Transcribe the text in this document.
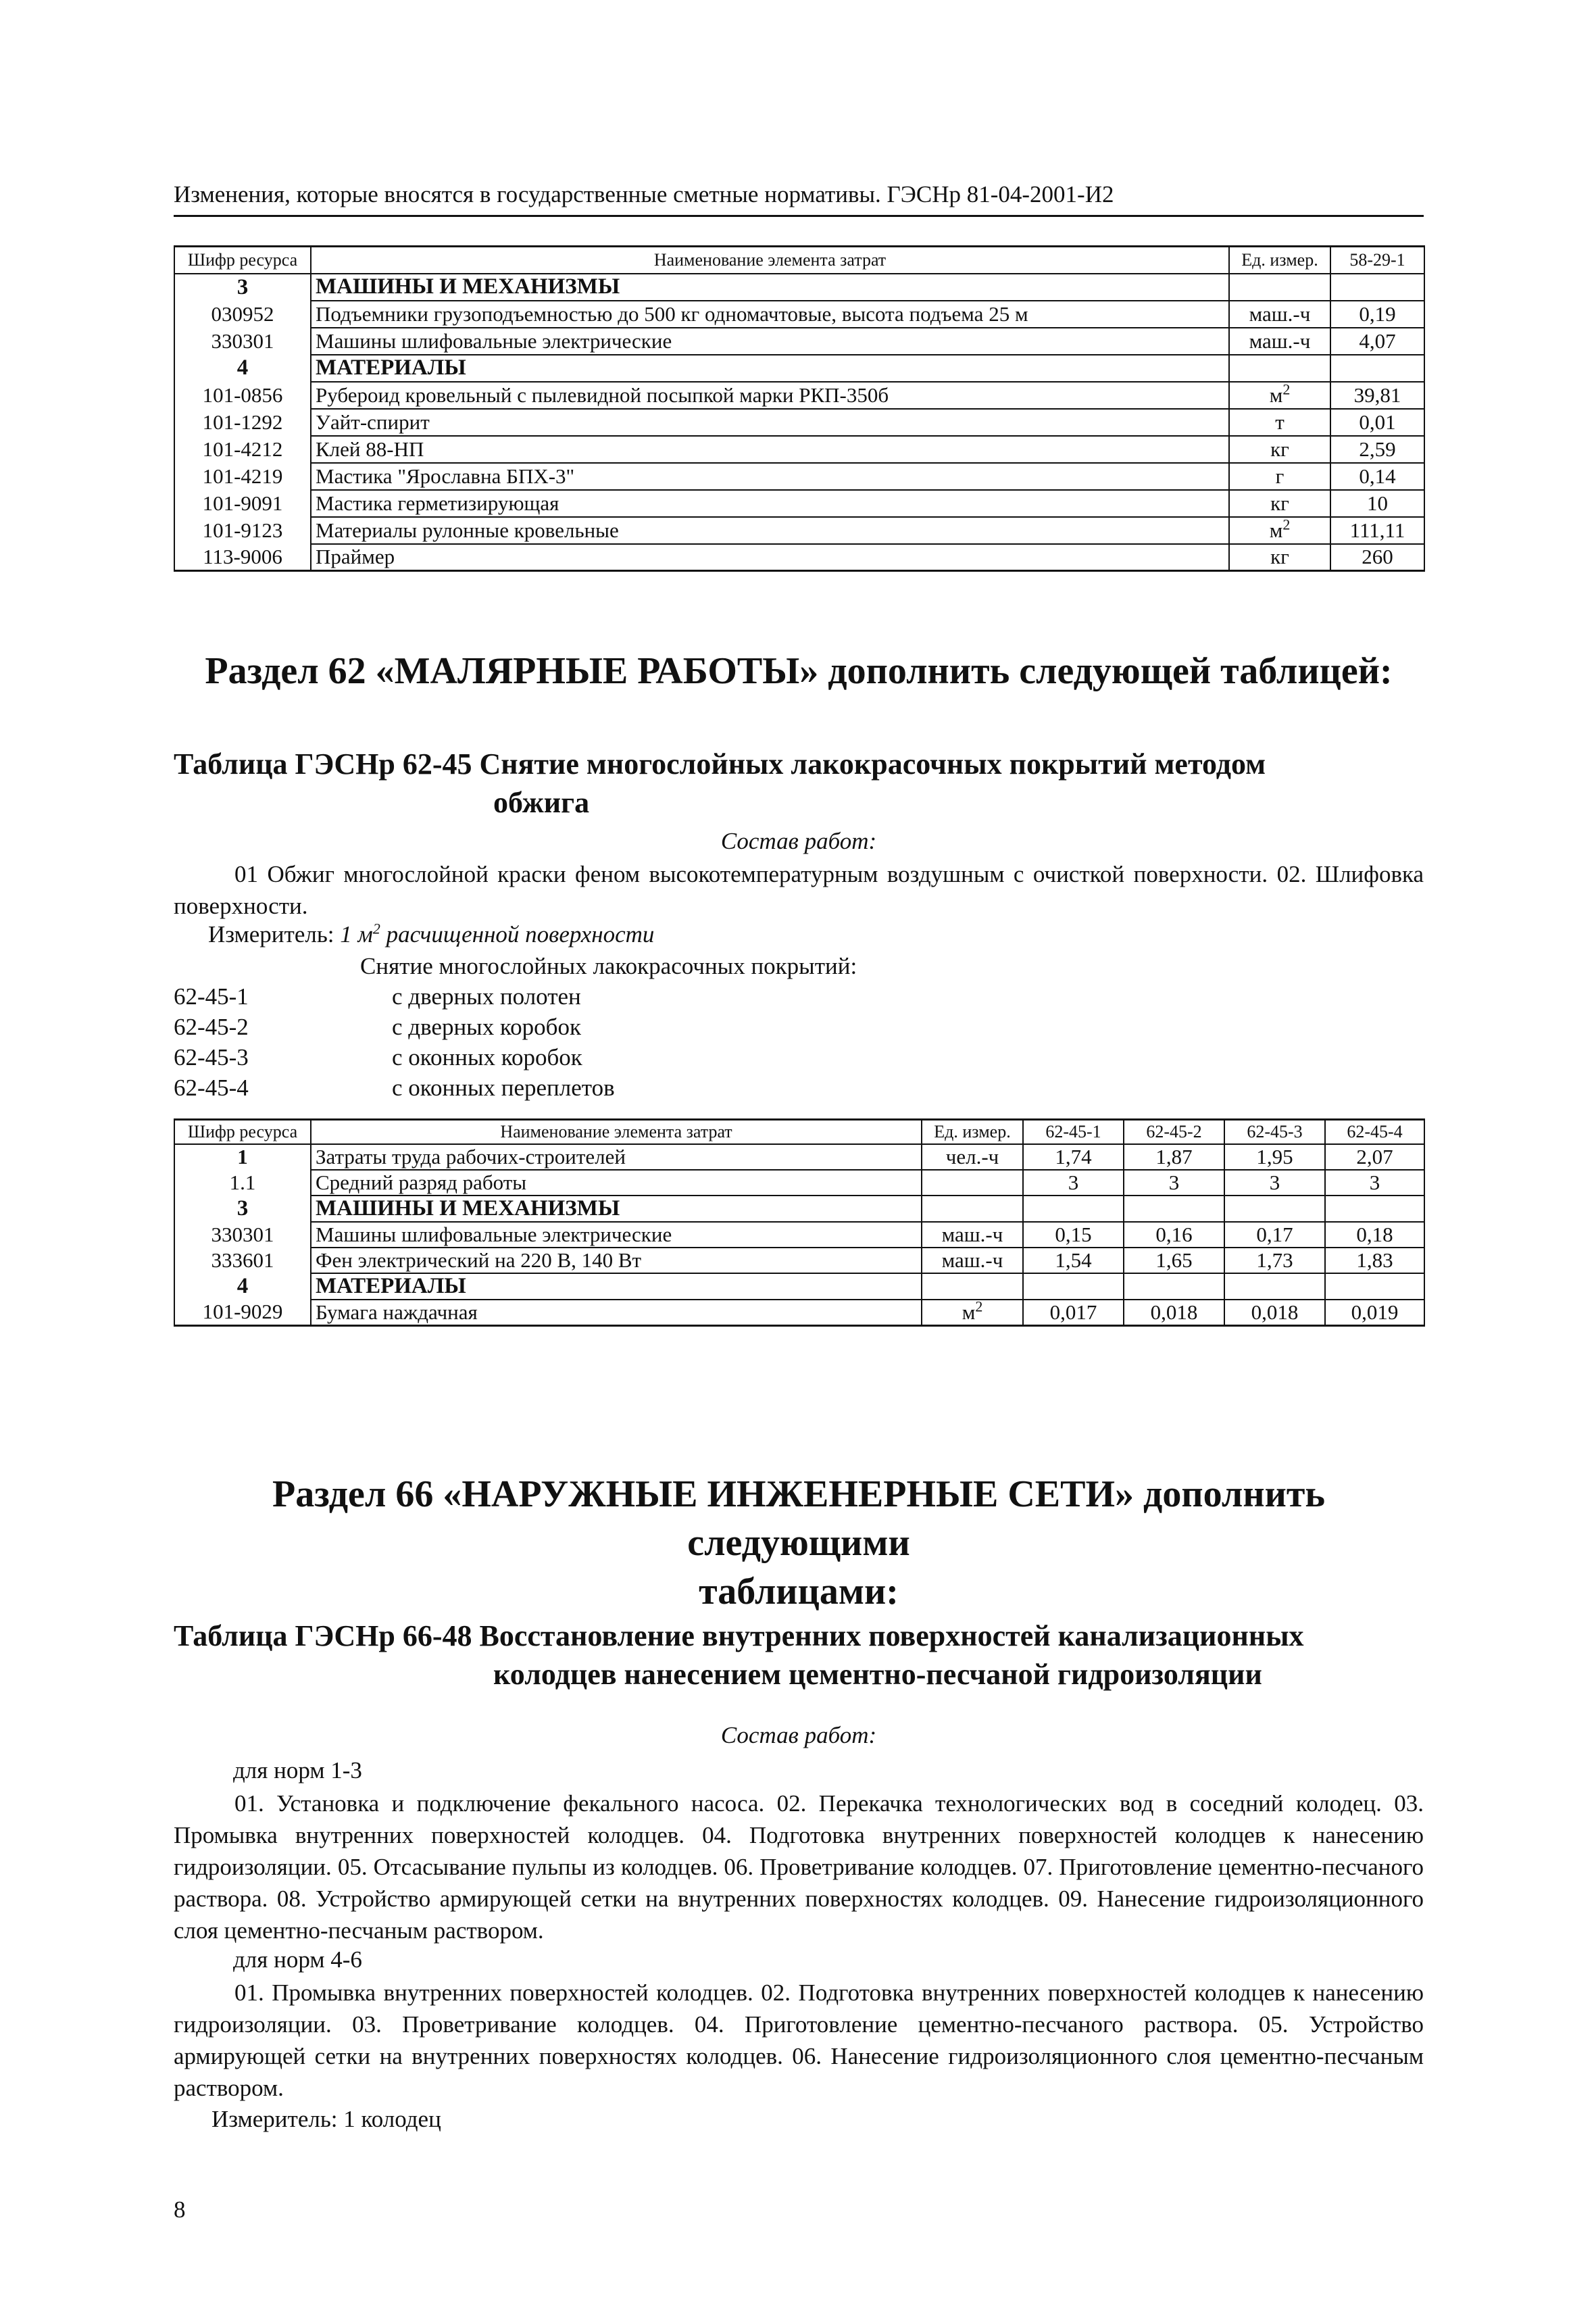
Изменения, которые вносятся в государственные сметные нормативы. ГЭСНр 81-04-2001-И2
Шифр ресурса	Наименование элемента затрат	Ед. измер.	58-29-1
3	МАШИНЫ И МЕХАНИЗМЫ		
030952	Подъемники грузоподъемностью до 500 кг одномачтовые, высота подъема 25 м	маш.-ч	0,19
330301	Машины шлифовальные электрические	маш.-ч	4,07
4	МАТЕРИАЛЫ		
101-0856	Рубероид кровельный с пылевидной посыпкой марки РКП-350б	$м^2$	39,81
101-1292	Уайт-спирит	т	0,01
101-4212	Клей 88-НП	кг	2,59
101-4219	Мастика "Ярославна БПХ-3"	г	0,14
101-9091	Мастика герметизирующая	кг	10
101-9123	Материалы рулонные кровельные	$м^2$	111,11
113-9006	Праймер	кг	260
Раздел 62 «МАЛЯРНЫЕ РАБОТЫ» дополнить следующей таблицей:
Таблица ГЭСНр 62-45 Снятие многослойных лакокрасочных покрытий методом
обжига
Состав работ:
01 Обжиг многослойной краски феном высокотемпературным воздушным с очисткой поверхности. 02. Шлифовка поверхности.
Измеритель: 1 $м^2$ расчищенной поверхности
Снятие многослойных лакокрасочных покрытий:
62-45-1	с дверных полотен
62-45-2	с дверных коробок
62-45-3	с оконных коробок
62-45-4	с оконных переплетов
Шифр ресурса	Наименование элемента затрат	Ед. измер.	62-45-1	62-45-2	62-45-3	62-45-4
1	Затраты труда рабочих-строителей	чел.-ч	1,74	1,87	1,95	2,07
1.1	Средний разряд работы		3	3	3	3
3	МАШИНЫ И МЕХАНИЗМЫ					
330301	Машины шлифовальные электрические	маш.-ч	0,15	0,16	0,17	0,18
333601	Фен электрический на 220 В, 140 Вт	маш.-ч	1,54	1,65	1,73	1,83
4	МАТЕРИАЛЫ					
101-9029	Бумага наждачная	$м^2$	0,017	0,018	0,018	0,019
Раздел 66 «НАРУЖНЫЕ ИНЖЕНЕРНЫЕ СЕТИ» дополнить следующими
таблицами:
Таблица ГЭСНр 66-48 Восстановление внутренних поверхностей канализационных
колодцев нанесением цементно-песчаной гидроизоляции
Состав работ:
для норм 1-3
01. Установка и подключение фекального насоса. 02. Перекачка технологических вод в соседний колодец. 03. Промывка внутренних поверхностей колодцев. 04. Подготовка внутренних поверхностей колодцев к нанесению гидроизоляции. 05. Отсасывание пульпы из колодцев. 06. Проветривание колодцев. 07. Приготовление цементно-песчаного раствора. 08. Устройство армирующей сетки на внутренних поверхностях колодцев. 09. Нанесение гидроизоляционного слоя цементно-песчаным раствором.
для норм 4-6
01. Промывка внутренних поверхностей колодцев. 02. Подготовка внутренних поверхностей колодцев к нанесению гидроизоляции. 03. Проветривание колодцев. 04. Приготовление цементно-песчаного раствора. 05. Устройство армирующей сетки на внутренних поверхностях колодцев. 06. Нанесение гидроизоляционного слоя цементно-песчаным раствором.
Измеритель: 1 колодец
8
